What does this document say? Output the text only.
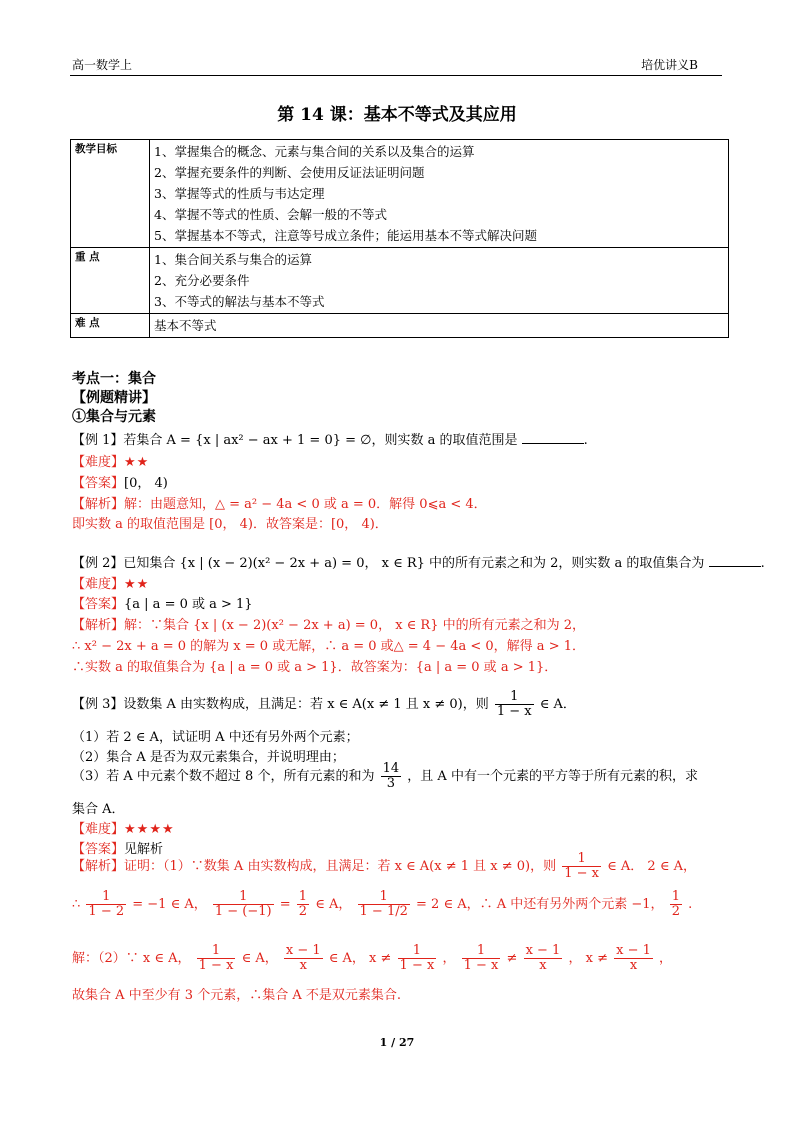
高一数学上	培优讲义B
第 14 课：基本不等式及其应用
教学目标	1、掌握集合的概念、元素与集合间的关系以及集合的运算
2、掌握充要条件的判断、会使用反证法证明问题
3、掌握等式的性质与韦达定理
4、掌握不等式的性质、会解一般的不等式
5、掌握基本不等式，注意等号成立条件；能运用基本不等式解决问题

重 点	1、集合间关系与集合的运算
2、充分必要条件
3、不等式的解法与基本不等式

难 点	基本不等式
考点一：集合
【例题精讲】
①集合与元素
【例 1】若集合 A = {x | ax² − ax + 1 = 0} = ∅，则实数 a 的取值范围是	.
【难度】★★
【答案】[0， 4)
【解析】解：由题意知，△ = a² − 4a < 0 或 a = 0．解得 0⩽a < 4．
即实数 a 的取值范围是 [0， 4)．故答案是：[0， 4)．
【例 2】已知集合 {x | (x − 2)(x² − 2x + a) = 0， x ∈ R} 中的所有元素之和为 2，则实数 a 的取值集合为	.
【难度】★★
【答案】{a | a = 0 或 a > 1}
【解析】解：∵集合 {x | (x − 2)(x² − 2x + a) = 0， x ∈ R} 中的所有元素之和为 2，
∴ x² − 2x + a = 0 的解为 x = 0 或无解，∴ a = 0 或△ = 4 − 4a < 0，解得 a > 1．
∴实数 a 的取值集合为 {a | a = 0 或 a > 1}．故答案为：{a | a = 0 或 a > 1}．
【例 3】设数集 A 由实数构成，且满足：若 x ∈ A(x ≠ 1 且 x ≠ 0)，则 $\frac{1}{1 - x}$ ∈ A．
（1）若 2 ∈ A，试证明 A 中还有另外两个元素；
（2）集合 A 是否为双元素集合，并说明理由；
（3）若 A 中元素个数不超过 8 个，所有元素的和为 $\frac{14}{3}$ ，且 A 中有一个元素的平方等于所有元素的积，求
集合 A．
【难度】★★★★
【答案】见解析
【解析】证明：（1）∵数集 A 由实数构成，且满足：若 x ∈ A(x ≠ 1 且 x ≠ 0)，则 $\frac{1}{1 - x}$ ∈ A． 2 ∈ A，
∴ $\frac{1}{1 - 2} = -1$ ∈ A， $\frac{1}{1 - (-1)} = \frac{1}{2}$ ∈ A， $\frac{1}{1 - 1/2} = 2$ ∈ A，∴ A 中还有另外两个元素 −1， $\frac{1}{2}$ .
解：（2）∵ x ∈ A， $\frac{1}{1 - x}$ ∈ A， $\frac{x - 1}{x}$ ∈ A， $x \ne \frac{1}{1 - x}$ ， $\frac{1}{1 - x} \ne \frac{x - 1}{x}$ ， $x \ne \frac{x - 1}{x}$ ，
故集合 A 中至少有 3 个元素，∴集合 A 不是双元素集合.
1 / 27
